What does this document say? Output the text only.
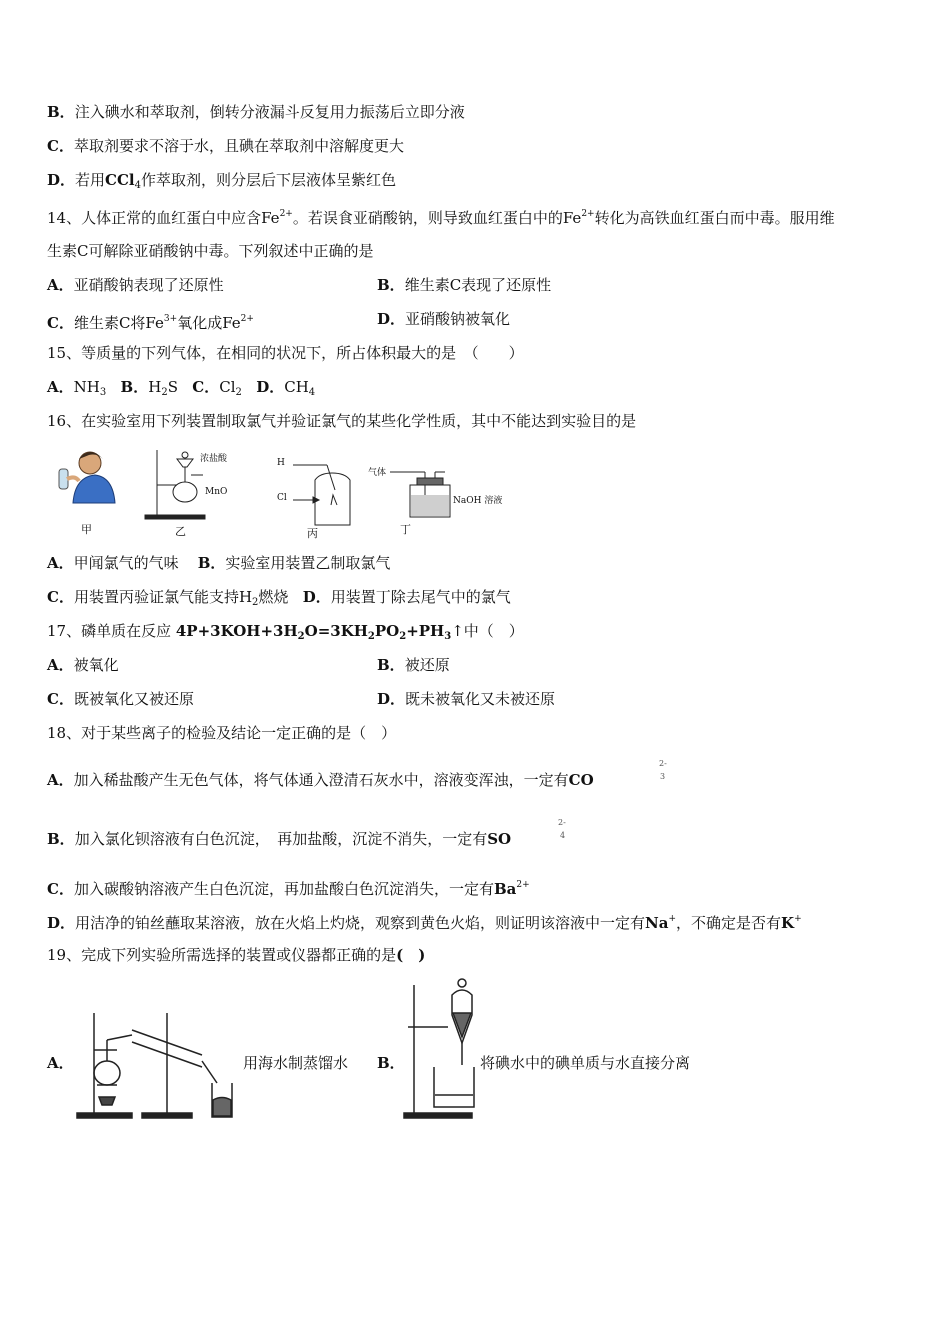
B．注入碘水和萃取剂，倒转分液漏斗反复用力振荡后立即分液
C．萃取剂要求不溶于水，且碘在萃取剂中溶解度更大
D．若用CCl$_4$作萃取剂，则分层后下层液体呈紫红色
14、人体正常的血红蛋白中应含$Fe^{2+}$。若误食亚硝酸钠，则导致血红蛋白中的$Fe^{2+}$转化为高铁血红蛋白而中毒。服用维
生素C可解除亚硝酸钠中毒。下列叙述中正确的是
A．亚硝酸钠表现了还原性	B．维生素C表现了还原性
C．维生素C将$Fe^{3+}$氧化成$Fe^{2+}$	D．亚硝酸钠被氧化
15、等质量的下列气体，在相同的状况下，所占体积最大的是　（　　）
A．$NH_3$ B．$H_2S$ C．$Cl_2$ D．$CH_4$
16、在实验室用下列装置制取氯气并验证氯气的某些化学性质，其中不能达到实验目的是
浓盐酸
MnO
H
Cl
气体
NaOH 溶液
甲	乙	丙	丁
A．甲闻氯气的气味 B．实验室用装置乙制取氯气
C．用装置丙验证氯气能支持$H_2$燃烧 D．用装置丁除去尾气中的氯气
17、磷单质在反应 $4P+3KOH+3H_2O=3KH_2PO_2+PH_3↑$中（　）
A．被氧化	B．被还原
C．既被氧化又被还原	D．既未被氧化又未被还原
18、对于某些离子的检验及结论一定正确的是（　）
A．加入稀盐酸产生无色气体，将气体通入澄清石灰水中，溶液变浑浊，一定有CO
2-
3
B．加入氯化钡溶液有白色沉淀，　再加盐酸，沉淀不消失，一定有SO
2-
4
C．加入碳酸钠溶液产生白色沉淀，再加盐酸白色沉淀消失，一定有$Ba^{2+}$
D．用洁净的铂丝蘸取某溶液，放在火焰上灼烧，观察到黄色火焰，则证明该溶液中一定有Na+，不确定是否有K+
19、完成下列实验所需选择的装置或仪器都正确的是(　)
A．	用海水制蒸馏水 B．	将碘水中的碘单质与水直接分离
